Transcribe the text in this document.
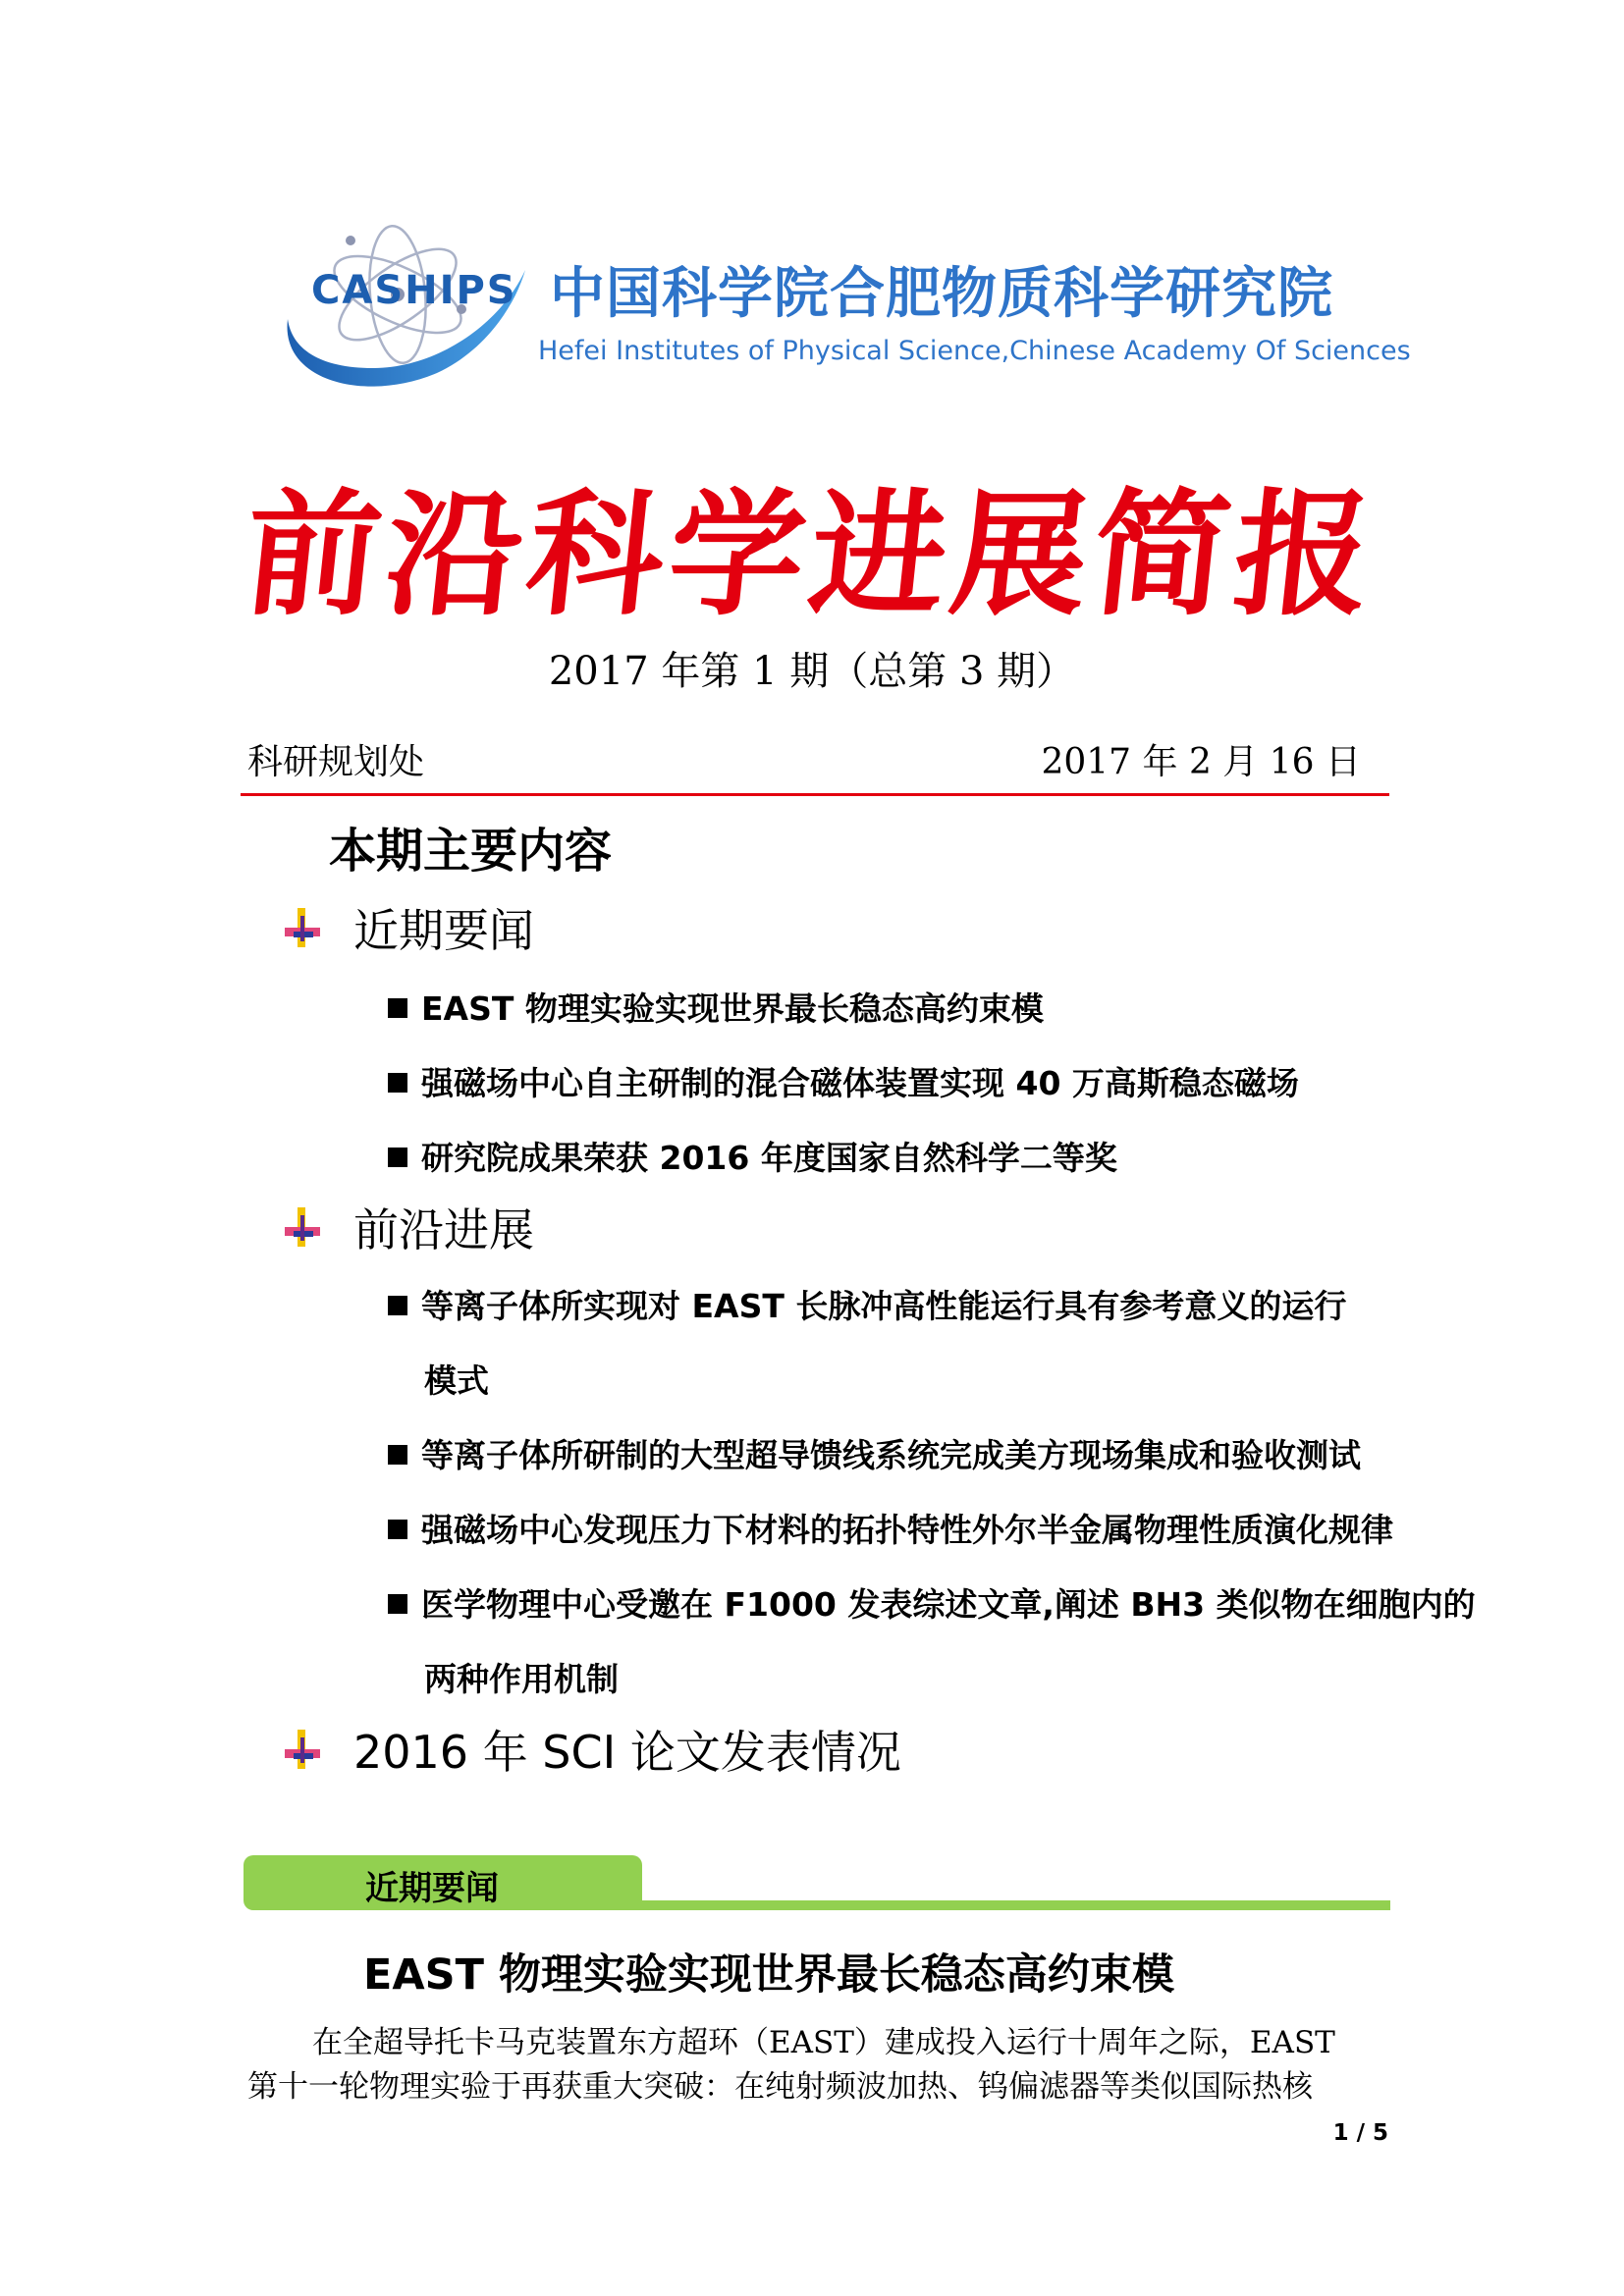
CASHIPS 中国科学院合肥物质科学研究院
Hefei Institutes of Physical Science,Chinese Academy Of Sciences
前沿科学进展简报
2017 年第 1 期（总第 3 期）
科研规划处	2017 年 2 月 16 日
本期主要内容
近期要闻
EAST 物理实验实现世界最长稳态高约束模
强磁场中心自主研制的混合磁体装置实现 40 万高斯稳态磁场
研究院成果荣获 2016 年度国家自然科学二等奖
前沿进展
等离子体所实现对 EAST 长脉冲高性能运行具有参考意义的运行
模式
等离子体所研制的大型超导馈线系统完成美方现场集成和验收测试
强磁场中心发现压力下材料的拓扑特性外尔半金属物理性质演化规律
医学物理中心受邀在 F1000 发表综述文章,阐述 BH3 类似物在细胞内的
两种作用机制
2016 年 SCI 论文发表情况
近期要闻
EAST 物理实验实现世界最长稳态高约束模
在全超导托卡马克装置东方超环（EAST）建成投入运行十周年之际，EAST
第十一轮物理实验于再获重大突破：在纯射频波加热、钨偏滤器等类似国际热核
1 / 5
